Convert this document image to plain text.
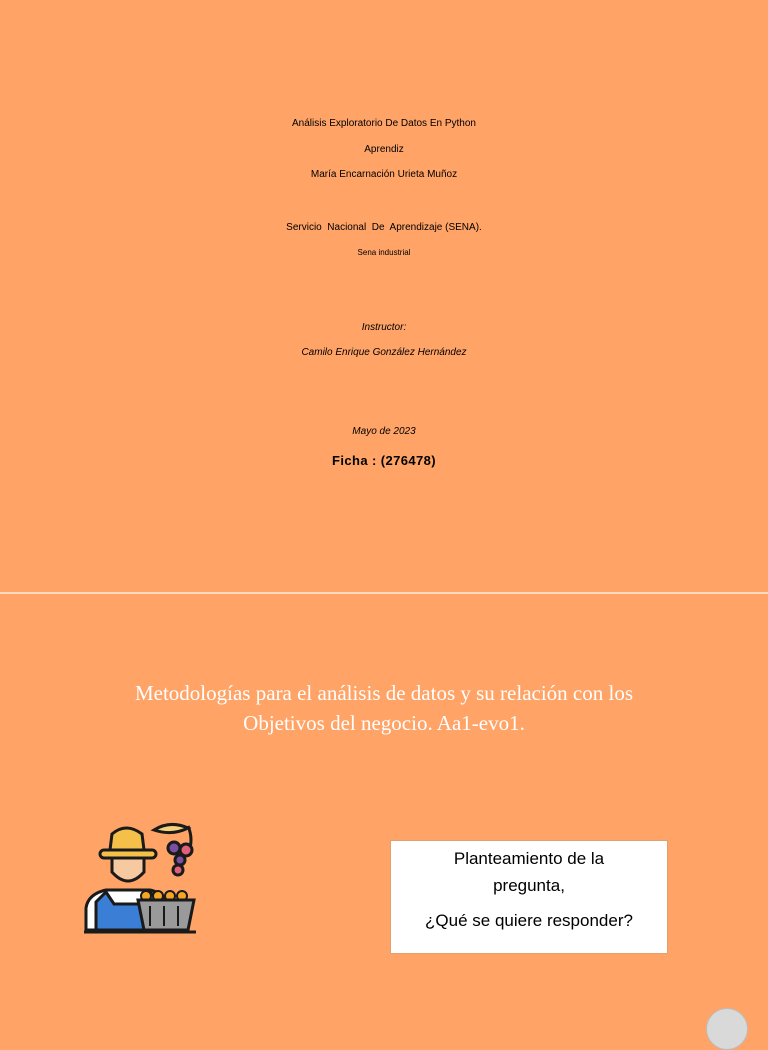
Análisis Exploratorio De Datos En Python
Aprendiz
María Encarnación Urieta Muñoz
Servicio  Nacional  De  Aprendizaje (SENA).
Sena industrial
Instructor:
Camilo Enrique González Hernández
Mayo de 2023
Ficha : (276478)
Metodologías para el análisis de datos y su relación con los
Objetivos del negocio. Aa1-evo1.
Planteamiento de la
pregunta,
¿Qué se quiere responder?
